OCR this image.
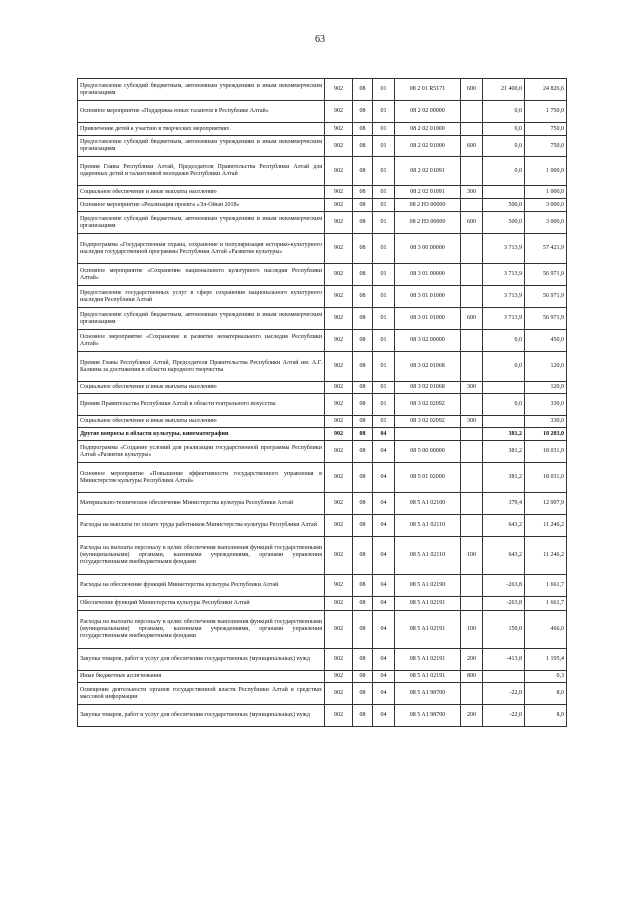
63
Предоставление субсидий бюджетным, автономным учреждениям и иным некоммерческим организациям	902	08	01	08 2 01 R5171	600	21 400,0	24 826,6
Основное мероприятие «Поддержка юных талантов в Республике Алтай»	902	08	01	08 2 02 00000		0,0	1 750,0
Привлечение детей к участию в творческих мероприятиях	902	08	01	08 2 02 01000		0,0	750,0
Предоставление субсидий бюджетным, автономным учреждениям и иным некоммерческим организациям	902	08	01	08 2 02 01000	600	0,0	750,0
Премия Главы Республики Алтай, Председателя Правительства Республики Алтай для одаренных детей и талантливой молодежи Республики Алтай	902	08	01	08 2 02 01091		0,0	1 000,0
Социальное обеспечение и иные выплаты населению	902	08	01	08 2 02 01091	300		1 000,0
Основное мероприятие «Реализация проекта «Эл-Ойын 2018»	902	08	01	08 2 Н3 00000		500,0	3 000,0
Предоставление субсидий бюджетным, автономным учреждениям и иным некоммерческим организациям	902	08	01	08 2 Н3 00000	600	500,0	3 000,0
Подпрограмма «Государственная охрана, сохранение и популяризация историко-культурного наследия государственной программы Республики Алтай «Развитие культуры»	902	08	01	08 3 00 00000		3 713,9	57 421,9
Основное мероприятие «Сохранение национального культурного наследия Республики Алтай»	902	08	01	08 3 01 00000		3 713,9	56 971,9
Предоставление государственных услуг в сфере сохранения национального культурного наследия Республики Алтай	902	08	01	08 3 01 01000		3 713,9	56 971,9
Предоставление субсидий бюджетным, автономным учреждениям и иным некоммерческим организациям	902	08	01	08 3 01 01000	600	3 713,9	56 971,9
Основное мероприятие «Сохранение и развитие нематериального наследия Республики Алтай»	902	08	01	08 3 02 00000		0,0	450,0
Премия Главы Республики Алтай, Председателя Правительства Республики Алтай им. А.Г. Калкина за достижения в области народного творчества	902	08	01	08 3 02 01068		0,0	120,0
Социальное обеспечение и иные выплаты населению	902	08	01	08 3 02 01068	300		120,0
Премия Правительства Республики Алтай в области театрального искусства	902	08	01	08 3 02 02092		0,0	330,0
Социальное обеспечение и иные выплаты населению	902	08	01	08 3 02 02092	300		330,0
Другие вопросы в области культуры, кинематографии	902	08	04			381,2	18 203,0
Подпрограмма «Создание условий для реализации государственной программы Республики Алтай «Развитие культуры»	902	08	04	08 5 00 00000		381,2	18 031,0
Основное мероприятие «Повышение эффективности государственного управления в Министерстве культуры Республики Алтай»	902	08	04	08 5 01 02000		381,2	18 031,0
Материально-техническое обеспечение Министерства культуры Республики Алтай	902	08	04	08 5 A1 02100		379,4	12 907,9
Расходы на выплаты по оплате труда работников Министерства культуры Республики Алтай	902	08	04	08 5 A1 02110		643,2	11 246,2
Расходы на выплаты персоналу в целях обеспечения выполнения функций государственными (муниципальными) органами, казенными учреждениями, органами управления государственными внебюджетными фондами	902	08	04	08 5 A1 02110	100	643,2	11 246,2
Расходы на обеспечение функций Министерства культуры Республики Алтай	902	08	04	08 5 A1 02190		-263,8	1 661,7
Обеспечение функций Министерства культуры Республики Алтай	902	08	04	08 5 A1 02191		-263,8	1 661,7
Расходы на выплаты персоналу в целях обеспечения выполнения функций государственными (муниципальными) органами, казенными учреждениями, органами управления государственными внебюджетными фондами	902	08	04	08 5 A1 02191	100	150,0	466,0
Закупка товаров, работ и услуг для обеспечения государственных (муниципальных) нужд	902	08	04	08 5 A1 02191	200	-413,8	1 195,4
Иные бюджетные ассигнования	902	08	04	08 5 A1 02191	800		0,3
Освещение деятельности органов государственной власти Республики Алтай в средствах массовой информации	902	08	04	08 5 A1 98700		-22,0	8,0
Закупка товаров, работ и услуг для обеспечения государственных (муниципальных) нужд	902	08	04	08 5 A1 98700	200	-22,0	8,0
